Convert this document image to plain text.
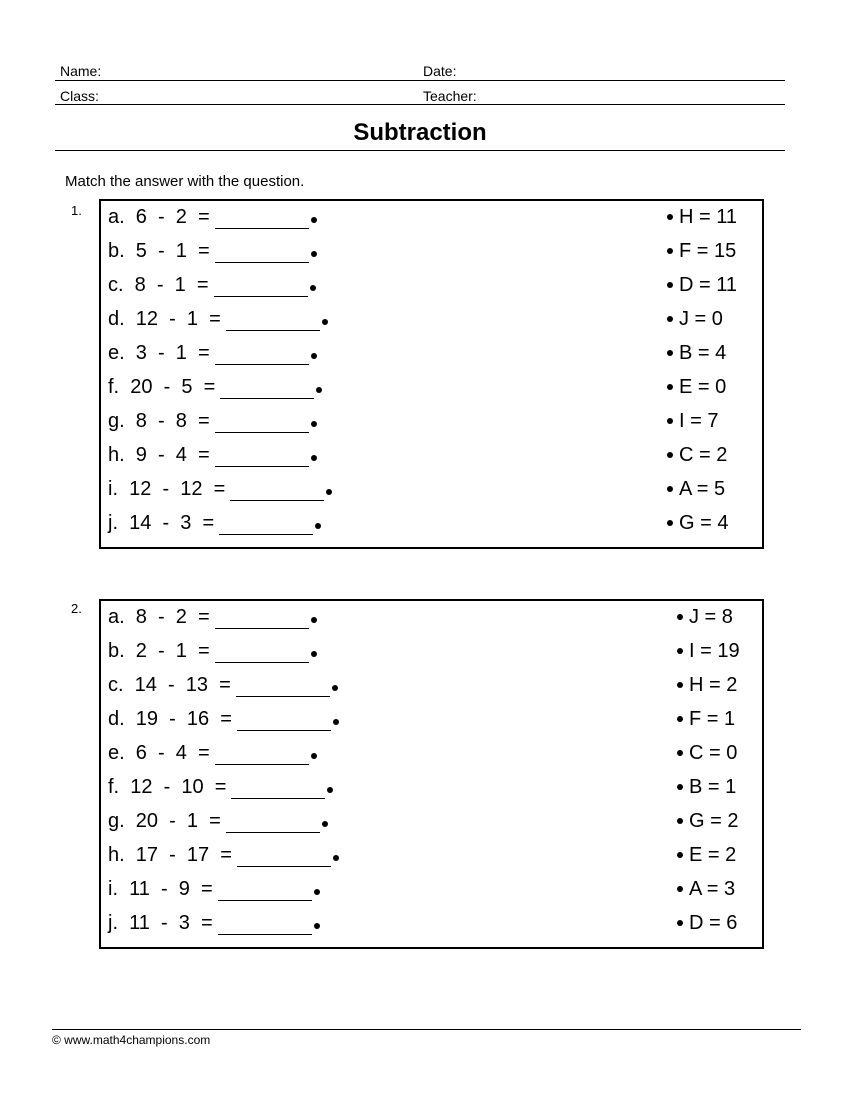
Name:	Date:
Class:	Teacher:
Subtraction
Match the answer with the question.
1. a.  6  -  2  =
b.  5  -  1  =
c.  8  -  1  =
d.  12  -  1  =
e.  3  -  1  =
f.  20  -  5  =
g.  8  -  8  =
h.  9  -  4  =
i.  12  -  12  =
j.  14  -  3  =
H = 11
F = 15
D = 11
J = 0
B = 4
E = 0
I = 7
C = 2
A = 5
G = 4
2. a.  8  -  2  =
b.  2  -  1  =
c.  14  -  13  =
d.  19  -  16  =
e.  6  -  4  =
f.  12  -  10  =
g.  20  -  1  =
h.  17  -  17  =
i.  11  -  9  =
j.  11  -  3  =
J = 8
I = 19
H = 2
F = 1
C = 0
B = 1
G = 2
E = 2
A = 3
D = 6
© www.math4champions.com
